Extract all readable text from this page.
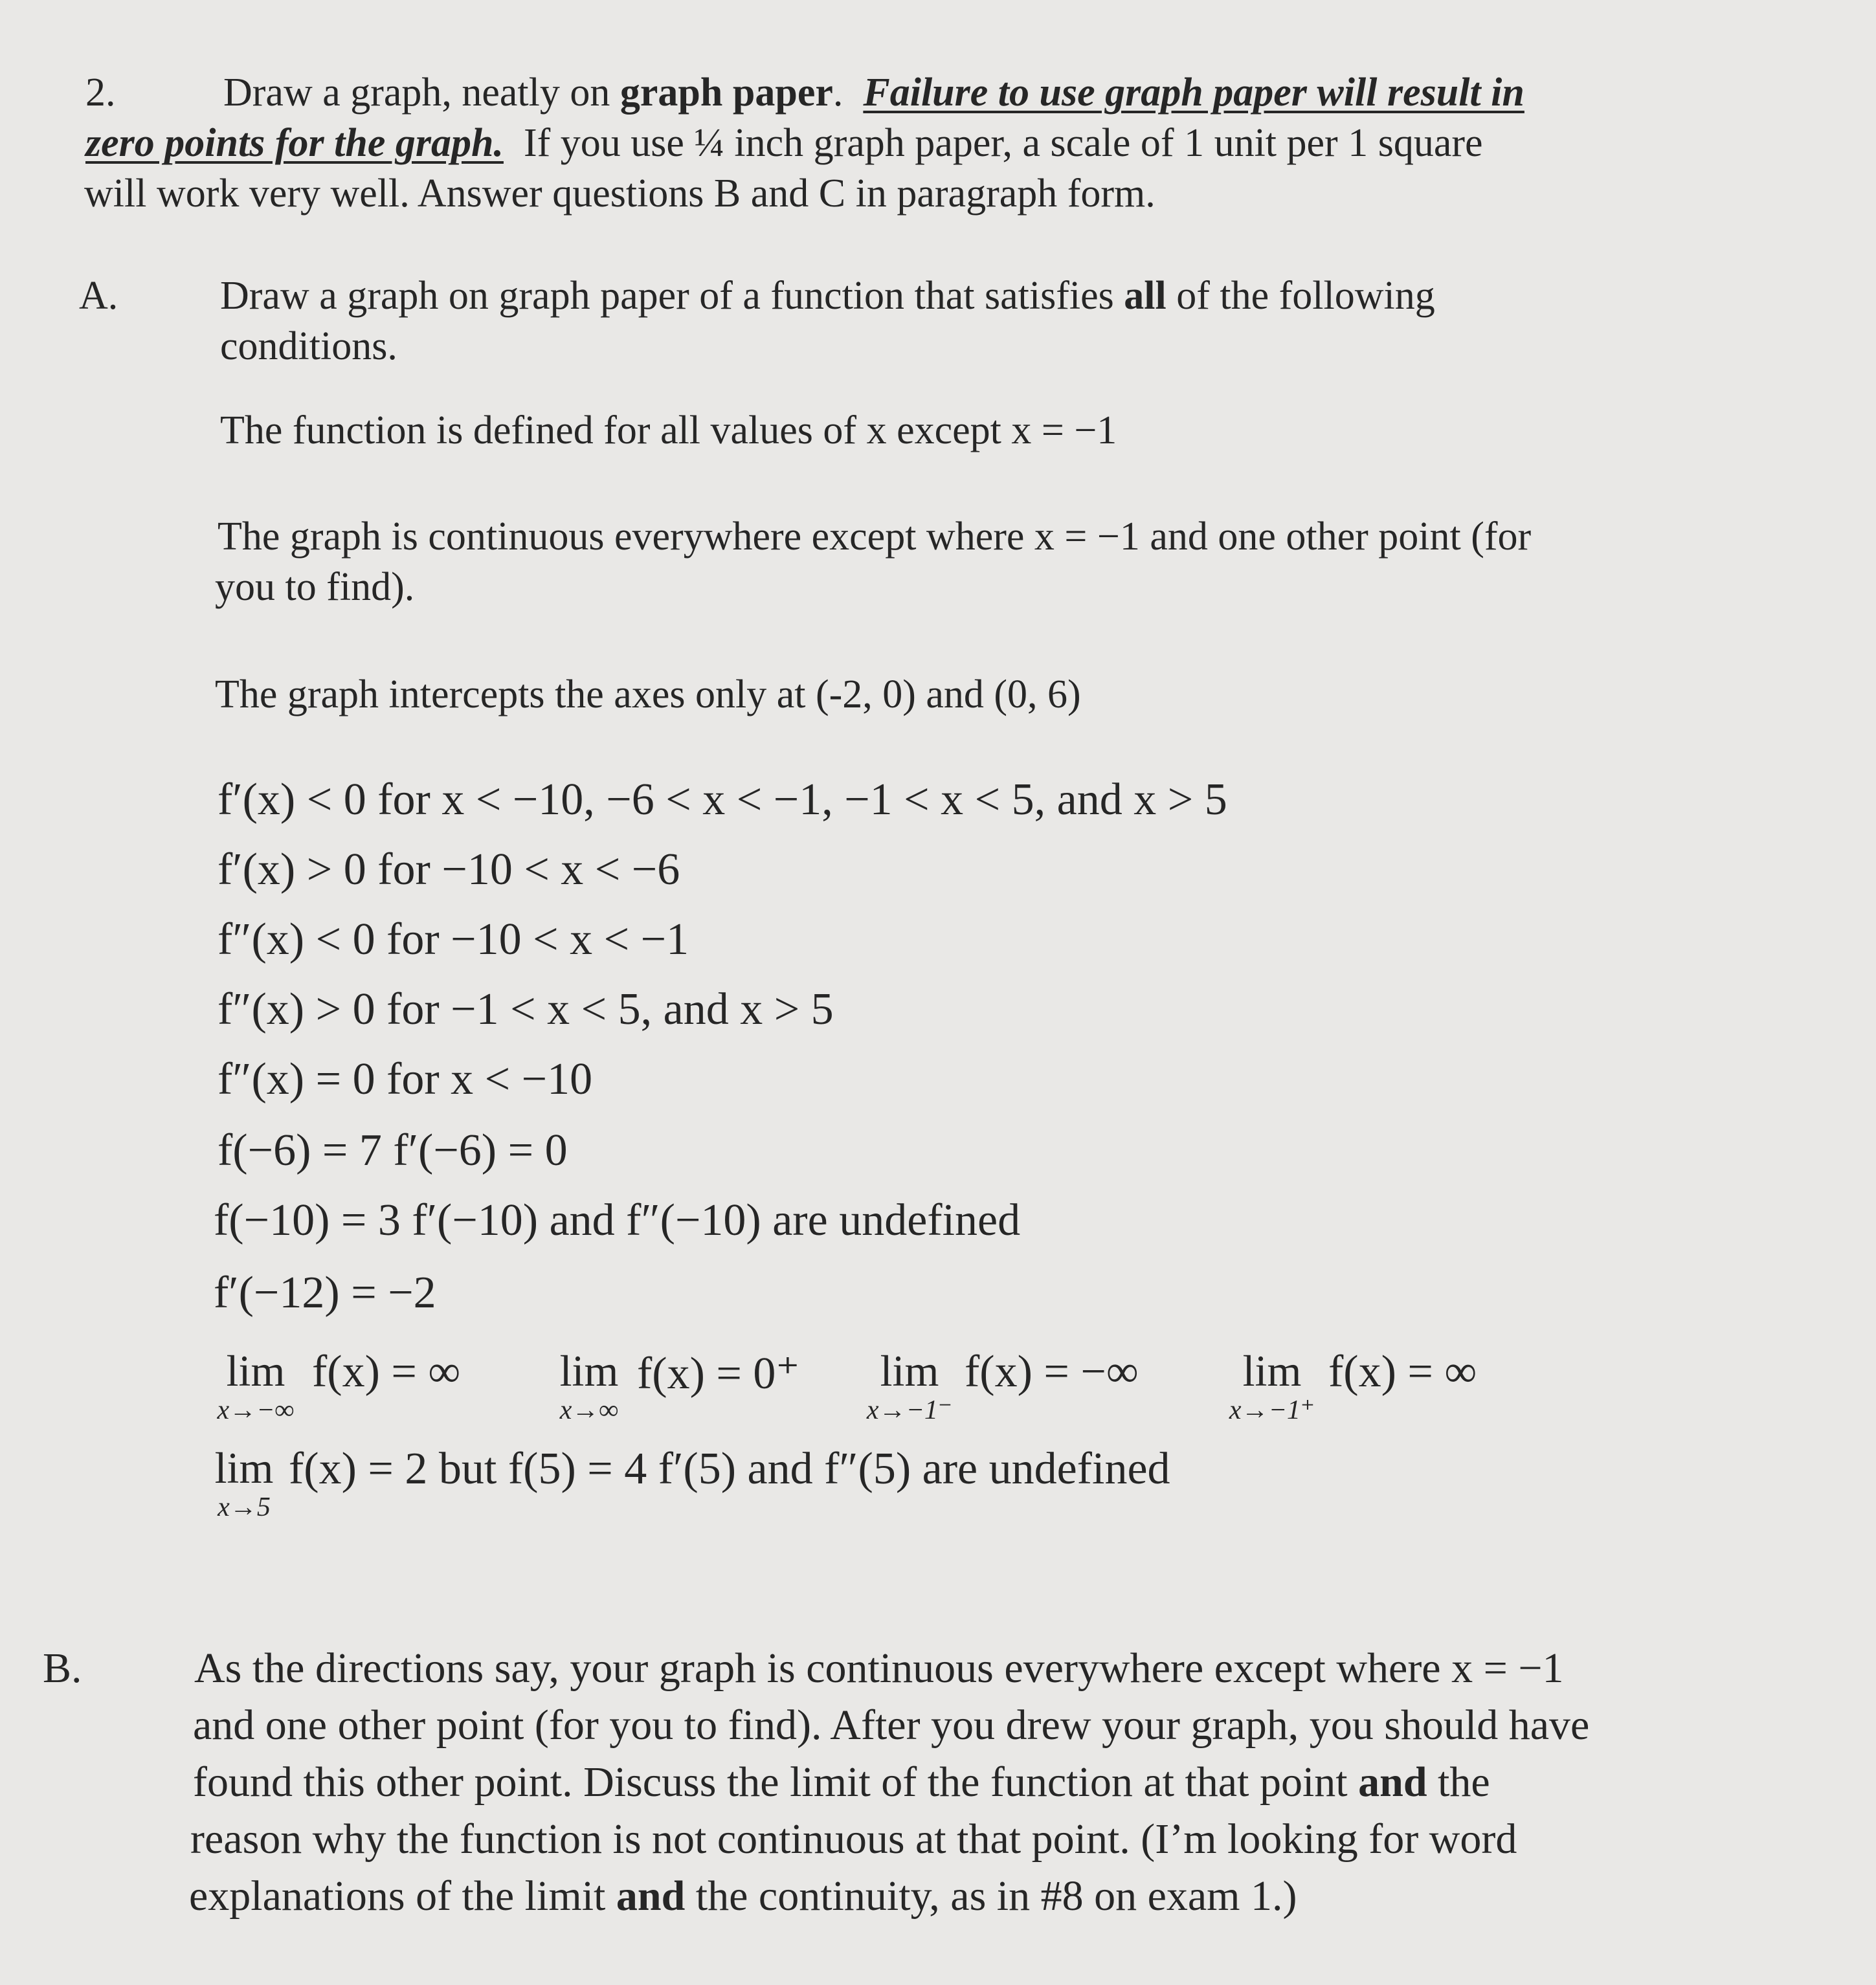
2.	Draw a graph, neatly on graph paper. Failure to use graph paper will result in
zero points for the graph. If you use ¼ inch graph paper, a scale of 1 unit per 1 square
will work very well. Answer questions B and C in paragraph form.
A.	Draw a graph on graph paper of a function that satisfies all of the following
conditions.
The function is defined for all values of x except x = −1
The graph is continuous everywhere except where x = −1 and one other point (for
you to find).
The graph intercepts the axes only at (-2, 0) and (0, 6)
f′(x) < 0 for x < −10, −6 < x < −1, −1 < x < 5, and x > 5
f′(x) > 0 for −10 < x < −6
f″(x) < 0 for −10 < x < −1
f″(x) > 0 for −1 < x < 5, and x > 5
f″(x) = 0 for x < −10
f(−6) = 7 f′(−6) = 0
f(−10) = 3 f′(−10) and f″(−10) are undefined
f′(−12) = −2
lim
x→−∞
f(x) = ∞ lim
x→∞
f(x) = 0⁺	lim
x→−1⁻
f(x) = −∞	lim
x→−1⁺
f(x) = ∞
lim
x→5
f(x) = 2 but f(5) = 4 f′(5) and f″(5) are undefined
B.	As the directions say, your graph is continuous everywhere except where x = −1
and one other point (for you to find). After you drew your graph, you should have
found this other point. Discuss the limit of the function at that point and the
reason why the function is not continuous at that point. (I’m looking for word
explanations of the limit and the continuity, as in #8 on exam 1.)
